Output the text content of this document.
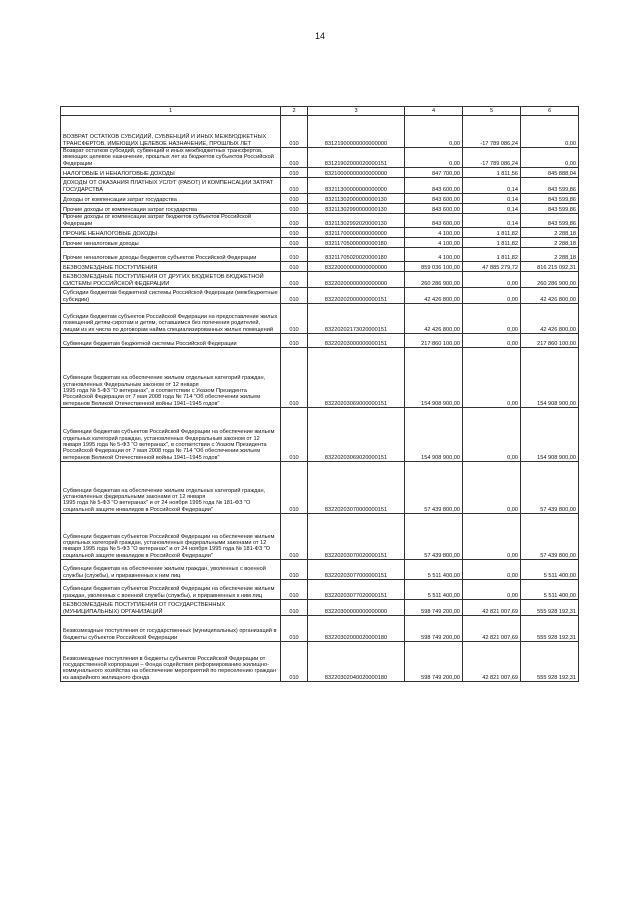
14
1	2	3	4	5	6
ВОЗВРАТ ОСТАТКОВ СУБСИДИЙ, СУБВЕНЦИЙ И ИНЫХ МЕЖБЮДЖЕТНЫХ ТРАНСФЕРТОВ, ИМЕЮЩИХ ЦЕЛЕВОЕ НАЗНАЧЕНИЕ, ПРОШЛЫХ ЛЕТ	010	83121900000000000000	0,00	-17 789 086,24	0,00
Возврат остатков субсидий, субвенций и иных межбюджетных трансфертов, имеющих целевое назначение, прошлых лет из бюджетов субъектов Российской Федерации	010	83121902000020000151	0,00	-17 789 086,24	0,00
НАЛОГОВЫЕ И НЕНАЛОГОВЫЕ ДОХОДЫ	010	83210000000000000000	847 700,00	1 811,56	845 888,04
ДОХОДЫ ОТ ОКАЗАНИЯ ПЛАТНЫХ УСЛУГ (РАБОТ) И КОМПЕНСАЦИИ ЗАТРАТ ГОСУДАРСТВА	010	83211300000000000000	843 600,00	0,14	843 599,86
Доходы от компенсации затрат государства	010	83211302000000000130	843 600,00	0,14	843 599,86
Прочие доходы от компенсации затрат государства	010	83211302990000000130	843 600,00	0,14	843 599,86
Прочие доходы от компенсации затрат бюджетов субъектов Российской Федерации	010	83211302992020000130	843 600,00	0,14	843 599,86
ПРОЧИЕ НЕНАЛОГОВЫЕ ДОХОДЫ	010	83211700000000000000	4 100,00	1 811,82	2 288,18
Прочие неналоговые доходы	010	83211705000000000180	4 100,00	1 811,82	2 288,18
Прочие неналоговые доходы бюджетов субъектов Российской Федерации	010	83211705020020000180	4 100,00	1 811,82	2 288,18
БЕЗВОЗМЕЗДНЫЕ ПОСТУПЛЕНИЯ	010	83220000000000000000	859 036 100,00	47 885 279,72	816 215 092,31
БЕЗВОЗМЕЗДНЫЕ ПОСТУПЛЕНИЯ ОТ ДРУГИХ БЮДЖЕТОВ БЮДЖЕТНОЙ СИСТЕМЫ РОССИЙСКОЙ ФЕДЕРАЦИИ	010	83220200000000000000	260 286 900,00	0,00	260 286 900,00
Субсидии бюджетам бюджетной системы Российской Федерации (межбюджетные субсидии)	010	83220202000000000151	42 426 800,00	0,00	42 426 800,00
Субсидии бюджетам субъектов Российской Федерации на предоставление жилых помещений детям-сиротам и детям, оставшимся без попечения родителей, лицам из их числа по договорам найма специализированных жилых помещений	010	83220202173020000151	42 426 800,00	0,00	42 426 800,00
Субвенции бюджетам бюджетной системы Российской Федерации	010	83220203000000000151	217 860 100,00	0,00	217 860 100,00
Субвенции бюджетам на обеспечение жильем отдельных категорий граждан, установленных Федеральным законом от 12 января
1995 года № 5-ФЗ "О ветеранах", в соответствии с Указом Президента Российской Федерации от 7 мая 2008 года № 714 "Об обеспечении жильем ветеранов Великой Отечественной войны 1941–1945 годов"	010	83220203069000000151	154 908 900,00	0,00	154 908 900,00
Субвенции бюджетам субъектов Российской Федерации на обеспечение жильем отдельных категорий граждан, установленных Федеральным законом от 12 января 1995 года № 5-ФЗ "О ветеранах", в соответствии с Указом Президента Российской Федерации от 7 мая 2008 года № 714 "Об обеспечении жильем ветеранов Великой Отечественной войны 1941–1945 годов"	010	83220203069020000151	154 908 900,00	0,00	154 908 900,00
Субвенции бюджетам на обеспечение жильем отдельных категорий граждан, установленных федеральными законами от 12 января
1995 года № 5-ФЗ "О ветеранах" и от 24 ноября 1995 года № 181-ФЗ "О социальной защите инвалидов в Российской Федерации"	010	83220203070000000151	57 439 800,00	0,00	57 439 800,00
Субвенции бюджетам субъектов Российской Федерации на обеспечение жильем отдельных категорий граждан, установленных федеральными законами от 12 января 1995 года № 5-ФЗ "О ветеранах" и от 24 ноября 1995 года № 181-ФЗ "О социальной защите инвалидов в Российской Федерации"	010	83220203070020000151	57 439 800,00	0,00	57 439 800,00
Субвенции бюджетам на обеспечение жильем граждан, уволенных с военной службы (службы), и приравненных к ним лиц	010	83220203077000000151	5 511 400,00	0,00	5 511 400,00
Субвенции бюджетам субъектов Российской Федерации на обеспечение жильем граждан, уволенных с военной службы (службы), и приравненных к ним лиц	010	83220203077020000151	5 511 400,00	0,00	5 511 400,00
БЕЗВОЗМЕЗДНЫЕ ПОСТУПЛЕНИЯ ОТ ГОСУДАРСТВЕННЫХ (МУНИЦИПАЛЬНЫХ) ОРГАНИЗАЦИЙ	010	83220300000000000000	598 749 200,00	42 821 007,69	555 928 192,31
Безвозмездные поступления от государственных (муниципальных) организаций в бюджеты субъектов Российской Федерации	010	83220302000020000180	598 749 200,00	42 821 007,69	555 928 192,31
Безвозмездные поступления в бюджеты субъектов Российской Федерации от государственной корпорации – Фонда содействия реформированию жилищно-коммунального хозяйства на обеспечение мероприятий по переселению граждан из аварийного жилищного фонда	010	83220302040020000180	598 749 200,00	42 821 007,69	555 928 192,31
